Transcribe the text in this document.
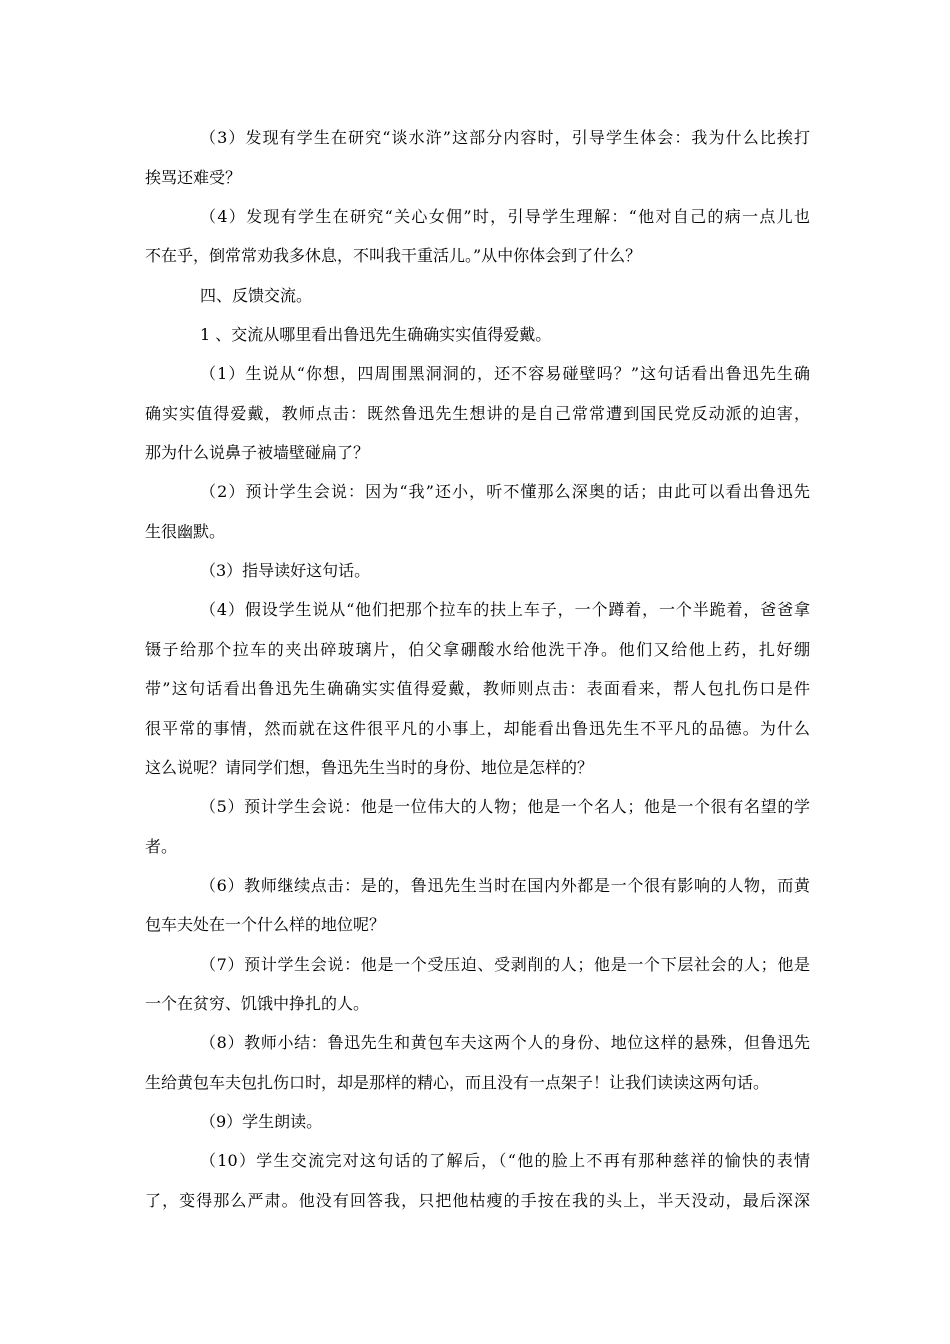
（3）发现有学生在研究“谈水浒”这部分内容时，引导学生体会：我为什么比挨打
挨骂还难受？
（4）发现有学生在研究“关心女佣”时，引导学生理解：“他对自己的病一点儿也
不在乎，倒常常劝我多休息，不叫我干重活儿。”从中你体会到了什么？
四、反馈交流。
1 、交流从哪里看出鲁迅先生确确实实值得爱戴。
（1）生说从“你想，四周围黑洞洞的，还不容易碰壁吗？”这句话看出鲁迅先生确
确实实值得爱戴，教师点击：既然鲁迅先生想讲的是自己常常遭到国民党反动派的迫害，
那为什么说鼻子被墙壁碰扁了？
（2）预计学生会说：因为“我”还小，听不懂那么深奥的话；由此可以看出鲁迅先
生很幽默。
（3）指导读好这句话。
（4）假设学生说从“他们把那个拉车的扶上车子，一个蹲着，一个半跪着，爸爸拿
镊子给那个拉车的夹出碎玻璃片，伯父拿硼酸水给他洗干净。他们又给他上药，扎好绷
带”这句话看出鲁迅先生确确实实值得爱戴，教师则点击：表面看来，帮人包扎伤口是件
很平常的事情，然而就在这件很平凡的小事上，却能看出鲁迅先生不平凡的品德。为什么
这么说呢？请同学们想，鲁迅先生当时的身份、地位是怎样的？
（5）预计学生会说：他是一位伟大的人物；他是一个名人；他是一个很有名望的学
者。
（6）教师继续点击：是的，鲁迅先生当时在国内外都是一个很有影响的人物，而黄
包车夫处在一个什么样的地位呢？
（7）预计学生会说：他是一个受压迫、受剥削的人；他是一个下层社会的人；他是
一个在贫穷、饥饿中挣扎的人。
（8）教师小结：鲁迅先生和黄包车夫这两个人的身份、地位这样的悬殊，但鲁迅先
生给黄包车夫包扎伤口时，却是那样的精心，而且没有一点架子！让我们读读这两句话。
（9）学生朗读。
（10）学生交流完对这句话的了解后，（“他的脸上不再有那种慈祥的愉快的表情
了，变得那么严肃。他没有回答我，只把他枯瘦的手按在我的头上，半天没动，最后深深
